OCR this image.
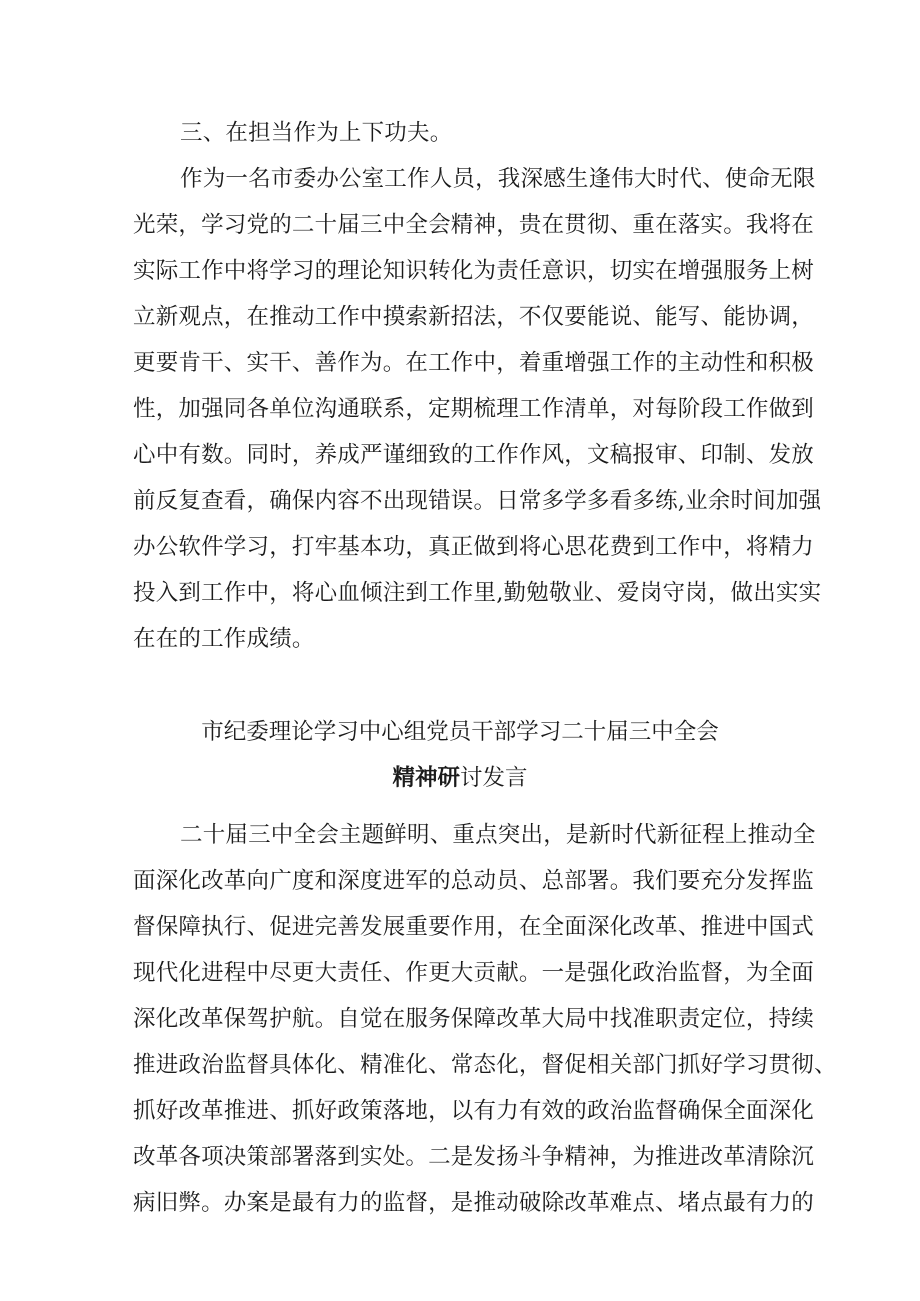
三、在担当作为上下功夫。
作为一名市委办公室工作人员，我深感生逢伟大时代、使命无限
光荣，学习党的二十届三中全会精神，贵在贯彻、重在落实。我将在
实际工作中将学习的理论知识转化为责任意识，切实在增强服务上树
立新观点，在推动工作中摸索新招法，不仅要能说、能写、能协调，
更要肯干、实干、善作为。在工作中，着重增强工作的主动性和积极
性，加强同各单位沟通联系，定期梳理工作清单，对每阶段工作做到
心中有数。同时，养成严谨细致的工作作风，文稿报审、印制、发放
前反复查看，确保内容不出现错误。日常多学多看多练,业余时间加强
办公软件学习，打牢基本功，真正做到将心思花费到工作中，将精力
投入到工作中，将心血倾注到工作里,勤勉敬业、爱岗守岗，做出实实
在在的工作成绩。
市纪委理论学习中心组党员干部学习二十届三中全会
精神研讨发言
二十届三中全会主题鲜明、重点突出，是新时代新征程上推动全
面深化改革向广度和深度进军的总动员、总部署。我们要充分发挥监
督保障执行、促进完善发展重要作用，在全面深化改革、推进中国式
现代化进程中尽更大责任、作更大贡献。一是强化政治监督，为全面
深化改革保驾护航。自觉在服务保障改革大局中找准职责定位，持续
推进政治监督具体化、精准化、常态化，督促相关部门抓好学习贯彻、
抓好改革推进、抓好政策落地，以有力有效的政治监督确保全面深化
改革各项决策部署落到实处。二是发扬斗争精神，为推进改革清除沉
病旧弊。办案是最有力的监督，是推动破除改革难点、堵点最有力的
